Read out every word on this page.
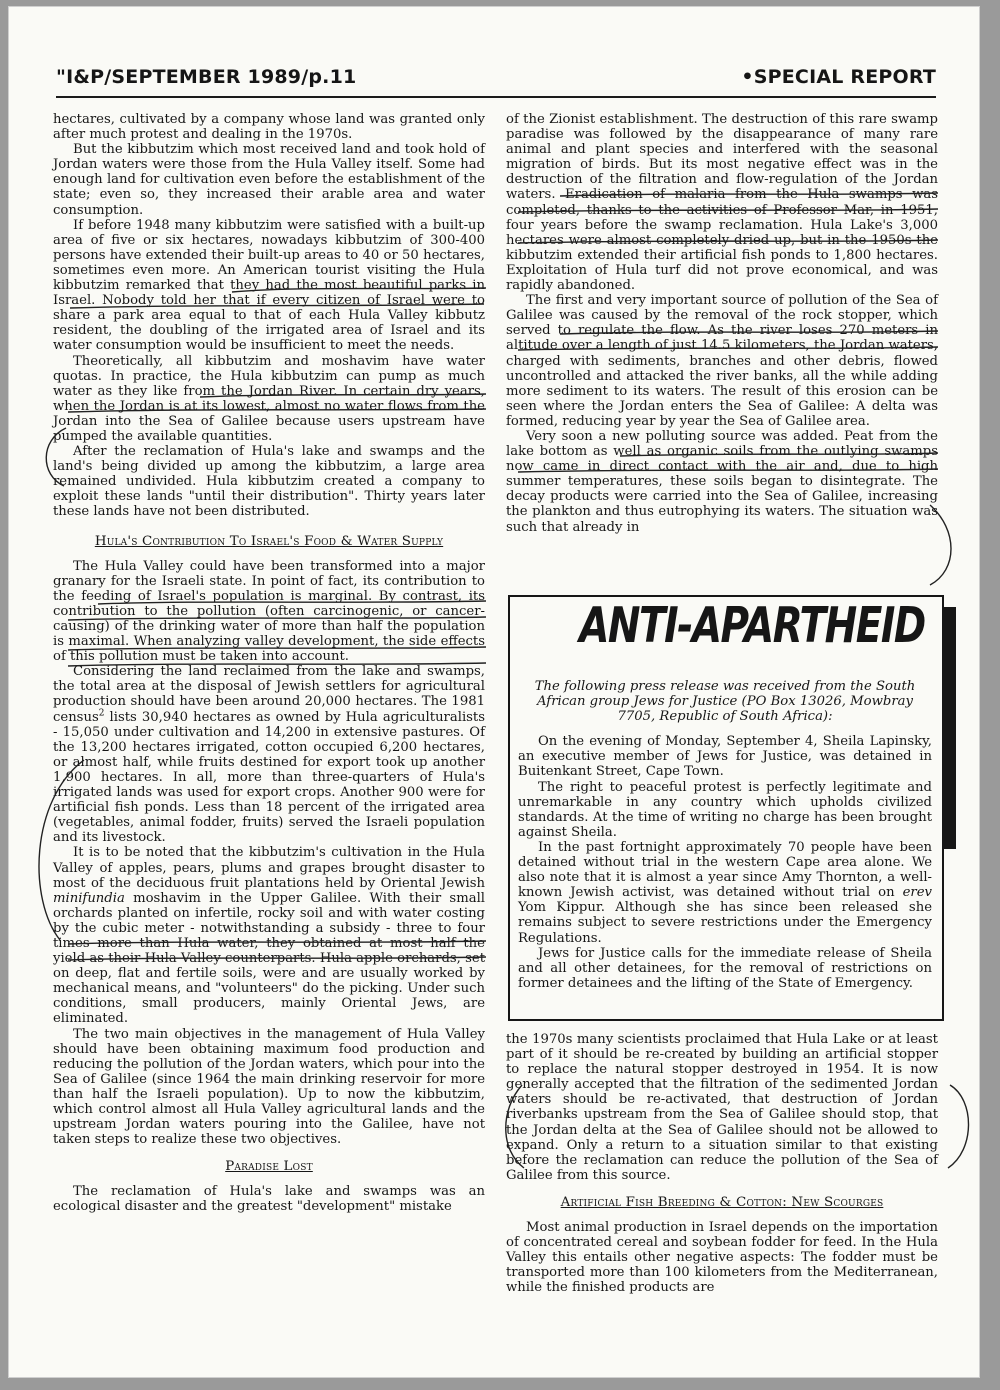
"I&P/SEPTEMBER 1989/p.11	•SPECIAL REPORT

hectares, cultivated by a company whose land was granted only after much protest and dealing in the 1970s.

But the kibbutzim which most received land and took hold of Jordan waters were those from the Hula Valley itself. Some had enough land for cultivation even before the establishment of the state; even so, they increased their arable area and water consumption.

If before 1948 many kibbutzim were satisfied with a built-up area of five or six hectares, nowadays kibbutzim of 300-400 persons have extended their built-up areas to 40 or 50 hectares, sometimes even more. An American tourist visiting the Hula kibbutzim remarked that they had the most beautiful parks in Israel. Nobody told her that if every citizen of Israel were to share a park area equal to that of each Hula Valley kibbutz resident, the doubling of the irrigated area of Israel and its water consumption would be insufficient to meet the needs.

Theoretically, all kibbutzim and moshavim have water quotas. In practice, the Hula kibbutzim can pump as much water as they like from the Jordan River. In certain dry years, when the Jordan is at its lowest, almost no water flows from the Jordan into the Sea of Galilee because users upstream have pumped the available quantities.

After the reclamation of Hula's lake and swamps and the land's being divided up among the kibbutzim, a large area remained undivided. Hula kibbutzim created a company to exploit these lands "until their distribution". Thirty years later these lands have not been distributed.

Hula's Contribution To Israel's Food & Water Supply

The Hula Valley could have been transformed into a major granary for the Israeli state. In point of fact, its contribution to the feeding of Israel's population is marginal. By contrast, its contribution to the pollution (often carcinogenic, or cancer-causing) of the drinking water of more than half the population is maximal. When analyzing valley development, the side effects of this pollution must be taken into account.

Considering the land reclaimed from the lake and swamps, the total area at the disposal of Jewish settlers for agricultural production should have been around 20,000 hectares. The 1981 census$^2$ lists 30,940 hectares as owned by Hula agriculturalists - 15,050 under cultivation and 14,200 in extensive pastures. Of the 13,200 hectares irrigated, cotton occupied 6,200 hectares, or almost half, while fruits destined for export took up another 1,900 hectares. In all, more than three-quarters of Hula's irrigated lands was used for export crops. Another 900 were for artificial fish ponds. Less than 18 percent of the irrigated area (vegetables, animal fodder, fruits) served the Israeli population and its livestock.

It is to be noted that the kibbutzim's cultivation in the Hula Valley of apples, pears, plums and grapes brought disaster to most of the deciduous fruit plantations held by Oriental Jewish minifundia moshavim in the Upper Galilee. With their small orchards planted on infertile, rocky soil and with water costing by the cubic meter - notwithstanding a subsidy - three to four times more than Hula water, they obtained at most half the yield as their Hula Valley counterparts. Hula apple orchards, set on deep, flat and fertile soils, were and are usually worked by mechanical means, and "volunteers" do the picking. Under such conditions, small producers, mainly Oriental Jews, are eliminated.

The two main objectives in the management of Hula Valley should have been obtaining maximum food production and reducing the pollution of the Jordan waters, which pour into the Sea of Galilee (since 1964 the main drinking reservoir for more than half the Israeli population). Up to now the kibbutzim, which control almost all Hula Valley agricultural lands and the upstream Jordan waters pouring into the Galilee, have not taken steps to realize these two objectives.

Paradise Lost

The reclamation of Hula's lake and swamps was an ecological disaster and the greatest "development" mistake

of the Zionist establishment. The destruction of this rare swamp paradise was followed by the disappearance of many rare animal and plant species and interfered with the seasonal migration of birds. But its most negative effect was in the destruction of the filtration and flow-regulation of the Jordan waters. Eradication of malaria from the Hula swamps was completed, thanks to the activities of Professor Mar, in 1951, four years before the swamp reclamation. Hula Lake's 3,000 hectares were almost completely dried up, but in the 1950s the kibbutzim extended their artificial fish ponds to 1,800 hectares. Exploitation of Hula turf did not prove economical, and was rapidly abandoned.

The first and very important source of pollution of the Sea of Galilee was caused by the removal of the rock stopper, which served to regulate the flow. As the river loses 270 meters in altitude over a length of just 14.5 kilometers, the Jordan waters, charged with sediments, branches and other debris, flowed uncontrolled and attacked the river banks, all the while adding more sediment to its waters. The result of this erosion can be seen where the Jordan enters the Sea of Galilee: A delta was formed, reducing year by year the Sea of Galilee area.

Very soon a new polluting source was added. Peat from the lake bottom as well as organic soils from the outlying swamps now came in direct contact with the air and, due to high summer temperatures, these soils began to disintegrate. The decay products were carried into the Sea of Galilee, increasing the plankton and thus eutrophying its waters. The situation was such that already in

the 1970s many scientists proclaimed that Hula Lake or at least part of it should be re-created by building an artificial stopper to replace the natural stopper destroyed in 1954. It is now generally accepted that the filtration of the sedimented Jordan waters should be re-activated, that destruction of Jordan riverbanks upstream from the Sea of Galilee should stop, that the Jordan delta at the Sea of Galilee should not be allowed to expand. Only a return to a situation similar to that existing before the reclamation can reduce the pollution of the Sea of Galilee from this source.

Artificial Fish Breeding & Cotton: New Scourges

Most animal production in Israel depends on the importation of concentrated cereal and soybean fodder for feed. In the Hula Valley this entails other negative aspects: The fodder must be transported more than 100 kilometers from the Mediterranean, while the finished products are

ANTI-APARTHEID

The following press release was received from the South African group Jews for Justice (PO Box 13026, Mowbray 7705, Republic of South Africa):

On the evening of Monday, September 4, Sheila Lapinsky, an executive member of Jews for Justice, was detained in Buitenkant Street, Cape Town.

The right to peaceful protest is perfectly legitimate and unremarkable in any country which upholds civilized standards. At the time of writing no charge has been brought against Sheila.

In the past fortnight approximately 70 people have been detained without trial in the western Cape area alone. We also note that it is almost a year since Amy Thornton, a well-known Jewish activist, was detained without trial on erev Yom Kippur. Although she has since been released she remains subject to severe restrictions under the Emergency Regulations.

Jews for Justice calls for the immediate release of Sheila and all other detainees, for the removal of restrictions on former detainees and the lifting of the State of Emergency.
